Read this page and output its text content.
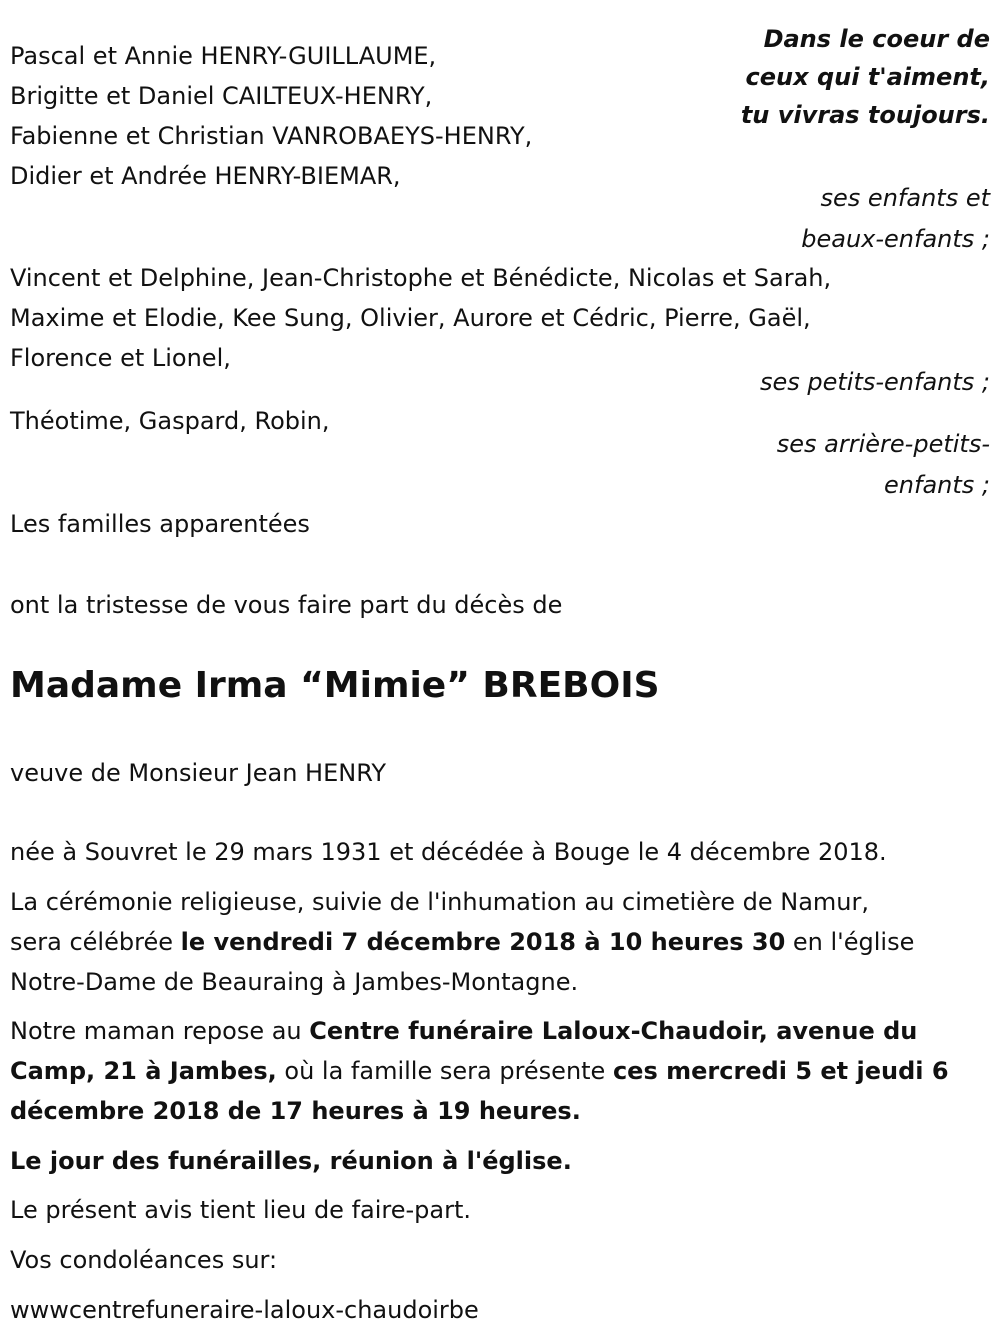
Dans le coeur de
ceux qui t'aiment,
tu vivras toujours.
Pascal et Annie HENRY-GUILLAUME,
Brigitte et Daniel CAILTEUX-HENRY,
Fabienne et Christian VANROBAEYS-HENRY,
Didier et Andrée HENRY-BIEMAR,
ses enfants et
beaux-enfants ;
Vincent et Delphine, Jean-Christophe et Bénédicte, Nicolas et Sarah,
Maxime et Elodie, Kee Sung, Olivier, Aurore et Cédric, Pierre, Gaël,
Florence et Lionel,
ses petits-enfants ;
Théotime, Gaspard, Robin,
ses arrière-petits-
enfants ;
Les familles apparentées
ont la tristesse de vous faire part du décès de
Madame Irma “Mimie” BREBOIS
veuve de Monsieur Jean HENRY
née à Souvret le 29 mars 1931 et décédée à Bouge le 4 décembre 2018.
La cérémonie religieuse, suivie de l'inhumation au cimetière de Namur,
sera célébrée le vendredi 7 décembre 2018 à 10 heures 30 en l'église
Notre-Dame de Beauraing à Jambes-Montagne.
Notre maman repose au Centre funéraire Laloux-Chaudoir, avenue du
Camp, 21 à Jambes, où la famille sera présente ces mercredi 5 et jeudi 6
décembre 2018 de 17 heures à 19 heures.
Le jour des funérailles, réunion à l'église.
Le présent avis tient lieu de faire-part.
Vos condoléances sur:
wwwcentrefuneraire-laloux-chaudoirbe
